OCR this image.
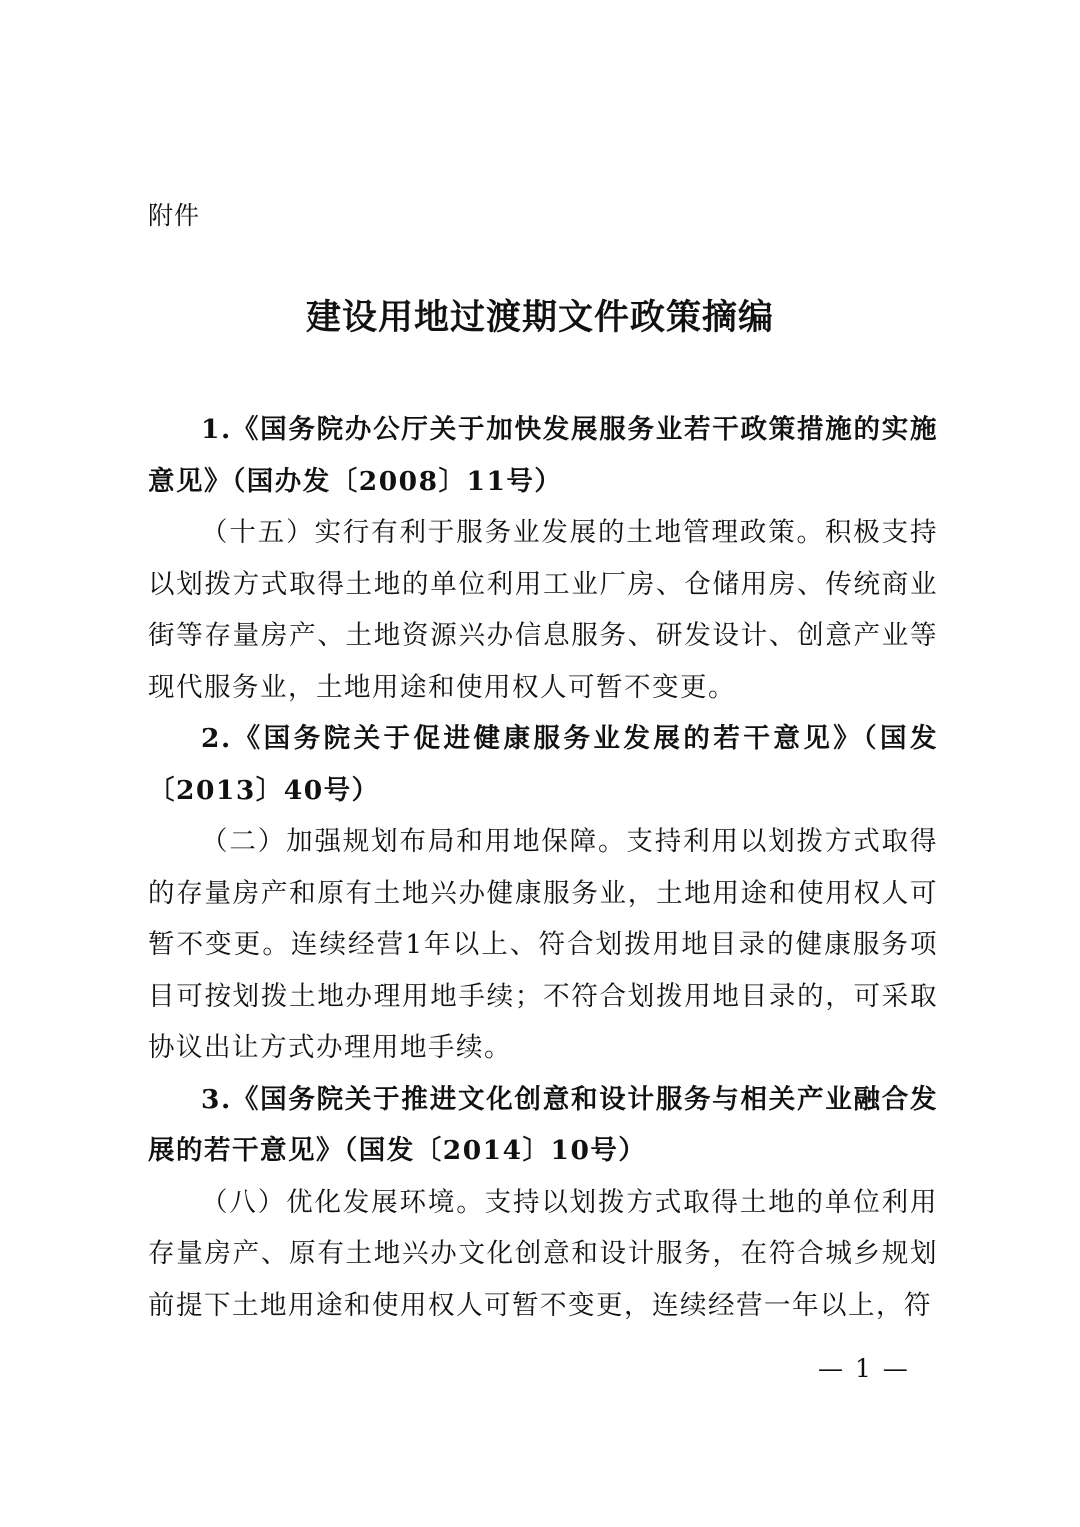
附件
建设用地过渡期文件政策摘编

1.《国务院办公厅关于加快发展服务业若干政策措施的实施意见》（国办发〔2008〕11号）

（十五）实行有利于服务业发展的土地管理政策。积极支持以划拨方式取得土地的单位利用工业厂房、仓储用房、传统商业街等存量房产、土地资源兴办信息服务、研发设计、创意产业等现代服务业，土地用途和使用权人可暂不变更。

2.《国务院关于促进健康服务业发展的若干意见》（国发〔2013〕40号）

（二）加强规划布局和用地保障。支持利用以划拨方式取得的存量房产和原有土地兴办健康服务业，土地用途和使用权人可暂不变更。连续经营1年以上、符合划拨用地目录的健康服务项目可按划拨土地办理用地手续；不符合划拨用地目录的，可采取协议出让方式办理用地手续。

3.《国务院关于推进文化创意和设计服务与相关产业融合发展的若干意见》（国发〔2014〕10号）

（八）优化发展环境。支持以划拨方式取得土地的单位利用存量房产、原有土地兴办文化创意和设计服务，在符合城乡规划前提下土地用途和使用权人可暂不变更，连续经营一年以上，符

— 1 —
